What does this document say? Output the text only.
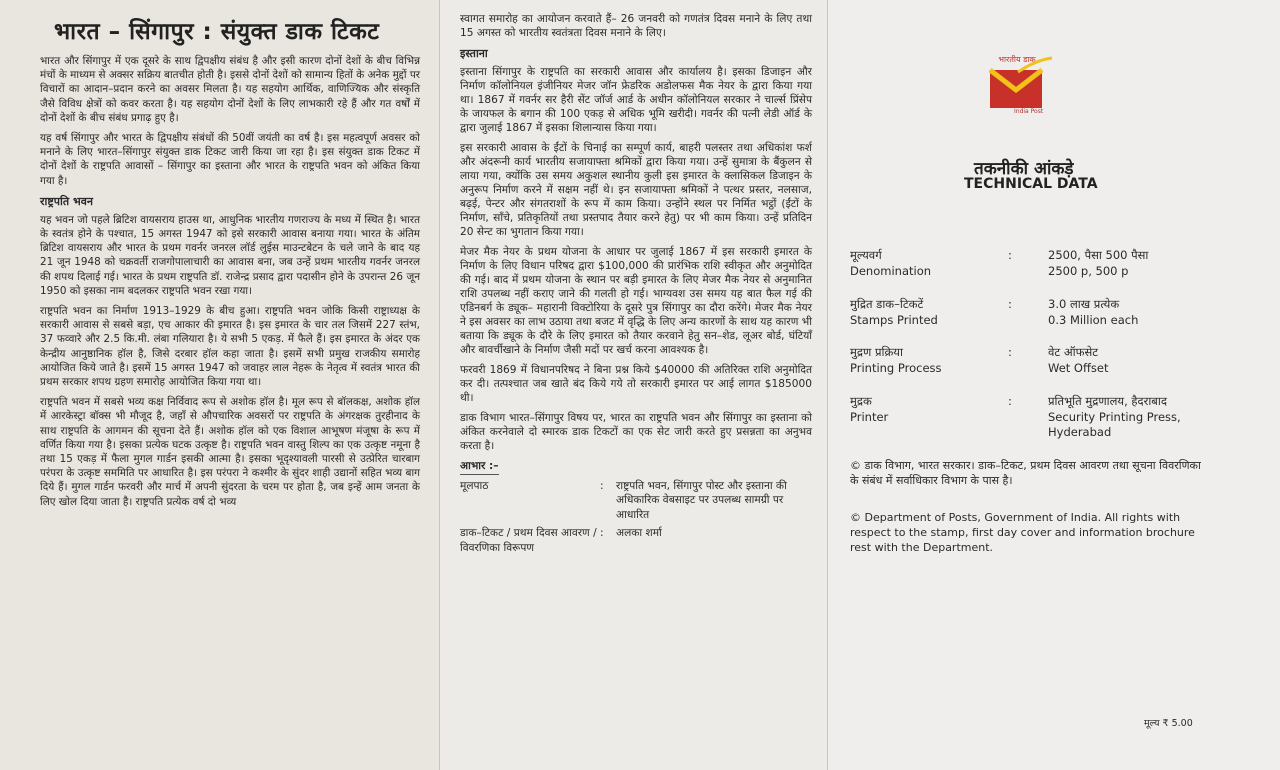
भारत – सिंगापुर : संयुक्त डाक टिकट

भारत और सिंगापुर में एक दूसरे के साथ द्विपक्षीय संबंध है और इसी कारण दोनों देशों के बीच विभिन्न मंचों के माध्यम से अक्सर सक्रिय बातचीत होती है। इससे दोनों देशों को सामान्य हितों के अनेक मुद्दों पर विचारों का आदान–प्रदान करने का अवसर मिलता है। यह सहयोग आर्थिक, वाणिज्यिक और संस्कृति जैसे विविध क्षेत्रों को कवर करता है। यह सहयोग दोनों देशों के लिए लाभकारी रहे हैं और गत वर्षों में दोनों देशों के बीच संबंध प्रगाढ़ हुए है।

यह वर्ष सिंगापुर और भारत के द्विपक्षीय संबंधों की 50वीं जयंती का वर्ष है। इस महत्वपूर्ण अवसर को मनाने के लिए भारत–सिंगापुर संयुक्त डाक टिकट जारी किया जा रहा है। इस संयुक्त डाक टिकट में दोनों देशों के राष्ट्रपति आवासों – सिंगापुर का इस्ताना और भारत के राष्ट्रपति भवन को अंकित किया गया है।

राष्ट्रपति भवन

यह भवन जो पहले ब्रिटिश वायसराय हाउस था, आधुनिक भारतीय गणराज्य के मध्य में स्थित है। भारत के स्वतंत्र होने के पश्चात, 15 अगस्त 1947 को इसे सरकारी आवास बनाया गया। भारत के अंतिम ब्रिटिश वायसराय और भारत के प्रथम गवर्नर जनरल लॉर्ड लुईस माउन्टबेटन के चले जाने के बाद यह 21 जून 1948 को चक्रवर्ती राजगोपालाचारी का आवास बना, जब उन्हें प्रथम भारतीय गवर्नर जनरल की शपथ दिलाई गई। भारत के प्रथम राष्ट्रपति डॉ. राजेन्द्र प्रसाद द्वारा पदासीन होने के उपरान्त 26 जून 1950 को इसका नाम बदलकर राष्ट्रपति भवन रखा गया।

राष्ट्रपति भवन का निर्माण 1913–1929 के बीच हुआ। राष्ट्रपति भवन जोकि किसी राष्ट्राध्यक्ष के सरकारी आवास से सबसे बड़ा, एच आकार की इमारत है। इस इमारत के चार तल जिसमें 227 स्तंभ, 37 फव्वारे और 2.5 कि.मी. लंबा गलियारा है। ये सभी 5 एकड़. में फैले हैं। इस इमारत के अंदर एक केन्द्रीय आनुष्ठानिक हॉल है, जिसे दरबार हॉल कहा जाता है। इसमें सभी प्रमुख राजकीय समारोह आयोजित किये जाते है। इसमें 15 अगस्त 1947 को जवाहर लाल नेहरू के नेतृत्व में स्वतंत्र भारत की प्रथम सरकार शपथ ग्रहण समारोह आयोजित किया गया था।

राष्ट्रपति भवन में सबसे भव्य कक्ष निर्विवाद रूप से अशोक हॉल है। मूल रूप से बॉलकक्ष, अशोक हॉल में आरकेस्ट्रा बॉक्स भी मौजूद है, जहाँ से औपचारिक अवसरों पर राष्ट्रपति के अंगरक्षक तुरहीनाद के साथ राष्ट्रपति के आगमन की सूचना देते हैं। अशोक हॉल को एक विशाल आभूषण मंजूषा के रूप में वर्णित किया गया है। इसका प्रत्येक घटक उत्कृष्ट है। राष्ट्रपति भवन वास्तु शिल्प का एक उत्कृष्ट नमूना है तथा 15 एकड़ में फैला मुगल गार्डन इसकी आत्मा है। इसका भूदृश्यावली पारसी से उत्प्रेरित चारबाग परंपरा के उत्कृष्ट सममिति पर आधारित है। इस परंपरा ने कश्मीर के सुंदर शाही उद्यानों सहित भव्य बाग दिये हैं। मुगल गार्डन फरवरी और मार्च में अपनी सुंदरता के चरम पर होता है, जब इन्हें आम जनता के लिए खोल दिया जाता है। राष्ट्रपति प्रत्येक वर्ष दो भव्य

स्वागत समारोह का आयोजन करवाते हैं– 26 जनवरी को गणतंत्र दिवस मनाने के लिए तथा 15 अगस्त को भारतीय स्वतंत्रता दिवस मनाने के लिए।

इस्ताना

इस्ताना सिंगापुर के राष्ट्रपति का सरकारी आवास और कार्यालय है। इसका डिजाइन और निर्माण कॉलोनियल इंजीनियर मेजर जॉन फ्रेडरिक अडोलफस मैक नेयर के द्वारा किया गया था। 1867 में गवर्नर सर हैरी सेंट जॉर्ज आर्ड के अधीन कॉलोनियल सरकार ने चार्ल्स प्रिंसेप के जायफल के बगान की 100 एकड़ से अधिक भूमि खरीदी। गवर्नर की पत्नी लेडी ऑर्ड के द्वारा जुलाई 1867 में इसका शिलान्यास किया गया।

इस सरकारी आवास के ईंटों के चिनाई का सम्पूर्ण कार्य, बाहरी पलस्तर तथा अधिकांश फर्श और अंदरूनी कार्य भारतीय सजायाफ्ता श्रमिकों द्वारा किया गया। उन्हें सुमात्रा के बैंकुलन से लाया गया, क्योंकि उस समय अकुशल स्थानीय कुली इस इमारत के क्लासिकल डिजाइन के अनुरूप निर्माण करने में सक्षम नहीं थे। इन सजायाफ्ता श्रमिकों ने पत्थर प्रस्तर, नलसाज, बढ़ई, पेन्टर और संगतराशों के रूप में काम किया। उन्होंने स्थल पर निर्मित भट्ठों (ईंटों के निर्माण, साँचे, प्रतिकृतियों तथा प्रस्तपाद तैयार करने हेतु) पर भी काम किया। उन्हें प्रतिदिन 20 सेन्ट का भुगतान किया गया।

मेजर मैक नेयर के प्रथम योजना के आधार पर जुलाई 1867 में इस सरकारी इमारत के निर्माण के लिए विधान परिषद द्वारा $100,000 की प्रारंभिक राशि स्वीकृत और अनुमोदित की गई। बाद में प्रथम योजना के स्थान पर बड़ी इमारत के लिए मेजर मैक नेयर से अनुमानित राशि उपलब्ध नहीं कराए जाने की गलती हो गई। भाग्यवश उस समय यह बात फैल गई की एडिनबर्ग के ड्यूक– महारानी विक्टोरिया के दूसरे पुत्र सिंगापुर का दौरा करेंगे। मेजर मैक नेयर ने इस अवसर का लाभ उठाया तथा बजट में वृद्धि के लिए अन्य कारणों के साथ यह कारण भी बताया कि ड्यूक के दौरे के लिए इमारत को तैयार करवाने हेतु सन–शेड, लूअर बोर्ड, घंटियाँ और बावर्चीखाने के निर्माण जैसी मदों पर खर्च करना आवश्यक है।

फरवरी 1869 में विधानपरिषद ने बिना प्रश्न किये $40000 की अतिरिक्त राशि अनुमोदित कर दी। तत्पश्चात जब खाते बंद किये गये तो सरकारी इमारत पर आई लागत $185000 थी।

डाक विभाग भारत–सिंगापुर विषय पर, भारत का राष्ट्रपति भवन और सिंगापुर का इस्ताना को अंकित करनेवाले दो स्मारक डाक टिकटों का एक सेट जारी करते हुए प्रसन्नता का अनुभव करता है।

आभार :–
मूलपाठ	:	राष्ट्रपति भवन, सिंगापुर पोस्ट और इस्ताना की अधिकारिक वेबसाइट पर उपलब्ध सामग्री पर आधारित
डाक–टिकट / प्रथम दिवस आवरण / विवरणिका विरूपण
:	अलका शर्मा
भारतीय डाक
India Post
तकनीकी आंकड़े
TECHNICAL DATA
मूल्यवर्ग
Denomination
:	2500, पैसा 500 पैसा
2500 p, 500 p
मुद्रित डाक–टिकटें
Stamps Printed
:	3.0 लाख प्रत्येक
0.3 Million each
मुद्रण प्रक्रिया
Printing Process
:	वेट ऑफसेट
Wet Offset
मुद्रक
Printer
:	प्रतिभूति मुद्रणालय, हैदराबाद
Security Printing Press,
Hyderabad
© डाक विभाग, भारत सरकार। डाक–टिकट, प्रथम दिवस आवरण तथा सूचना विवरणिका के संबंध में सर्वाधिकार विभाग के पास है।
© Department of Posts, Government of India. All rights with respect to the stamp, first day cover and information brochure rest with the Department.
मूल्य ₹ 5.00
